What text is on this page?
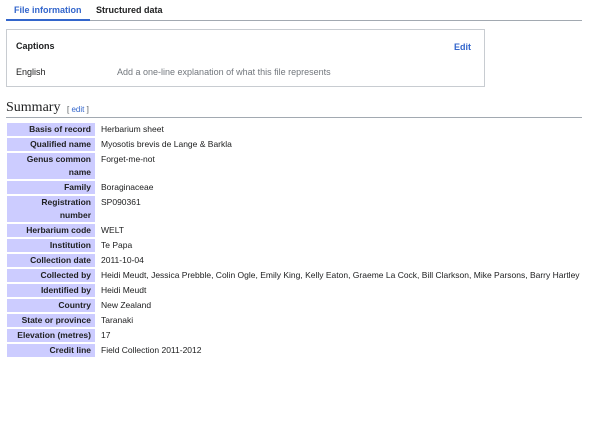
File information	Structured data
Captions	Edit
English	Add a one-line explanation of what this file represents
Summary [ edit ]
Basis of record	Herbarium sheet
Qualified name	Myosotis brevis de Lange & Barkla
Genus common name	Forget-me-not
Family	Boraginaceae
Registration number	SP090361
Herbarium code	WELT
Institution	Te Papa
Collection date	2011-10-04
Collected by	Heidi Meudt, Jessica Prebble, Colin Ogle, Emily King, Kelly Eaton, Graeme La Cock, Bill Clarkson, Mike Parsons, Barry Hartley
Identified by	Heidi Meudt
Country	New Zealand
State or province	Taranaki
Elevation (metres)	17
Credit line	Field Collection 2011-2012
